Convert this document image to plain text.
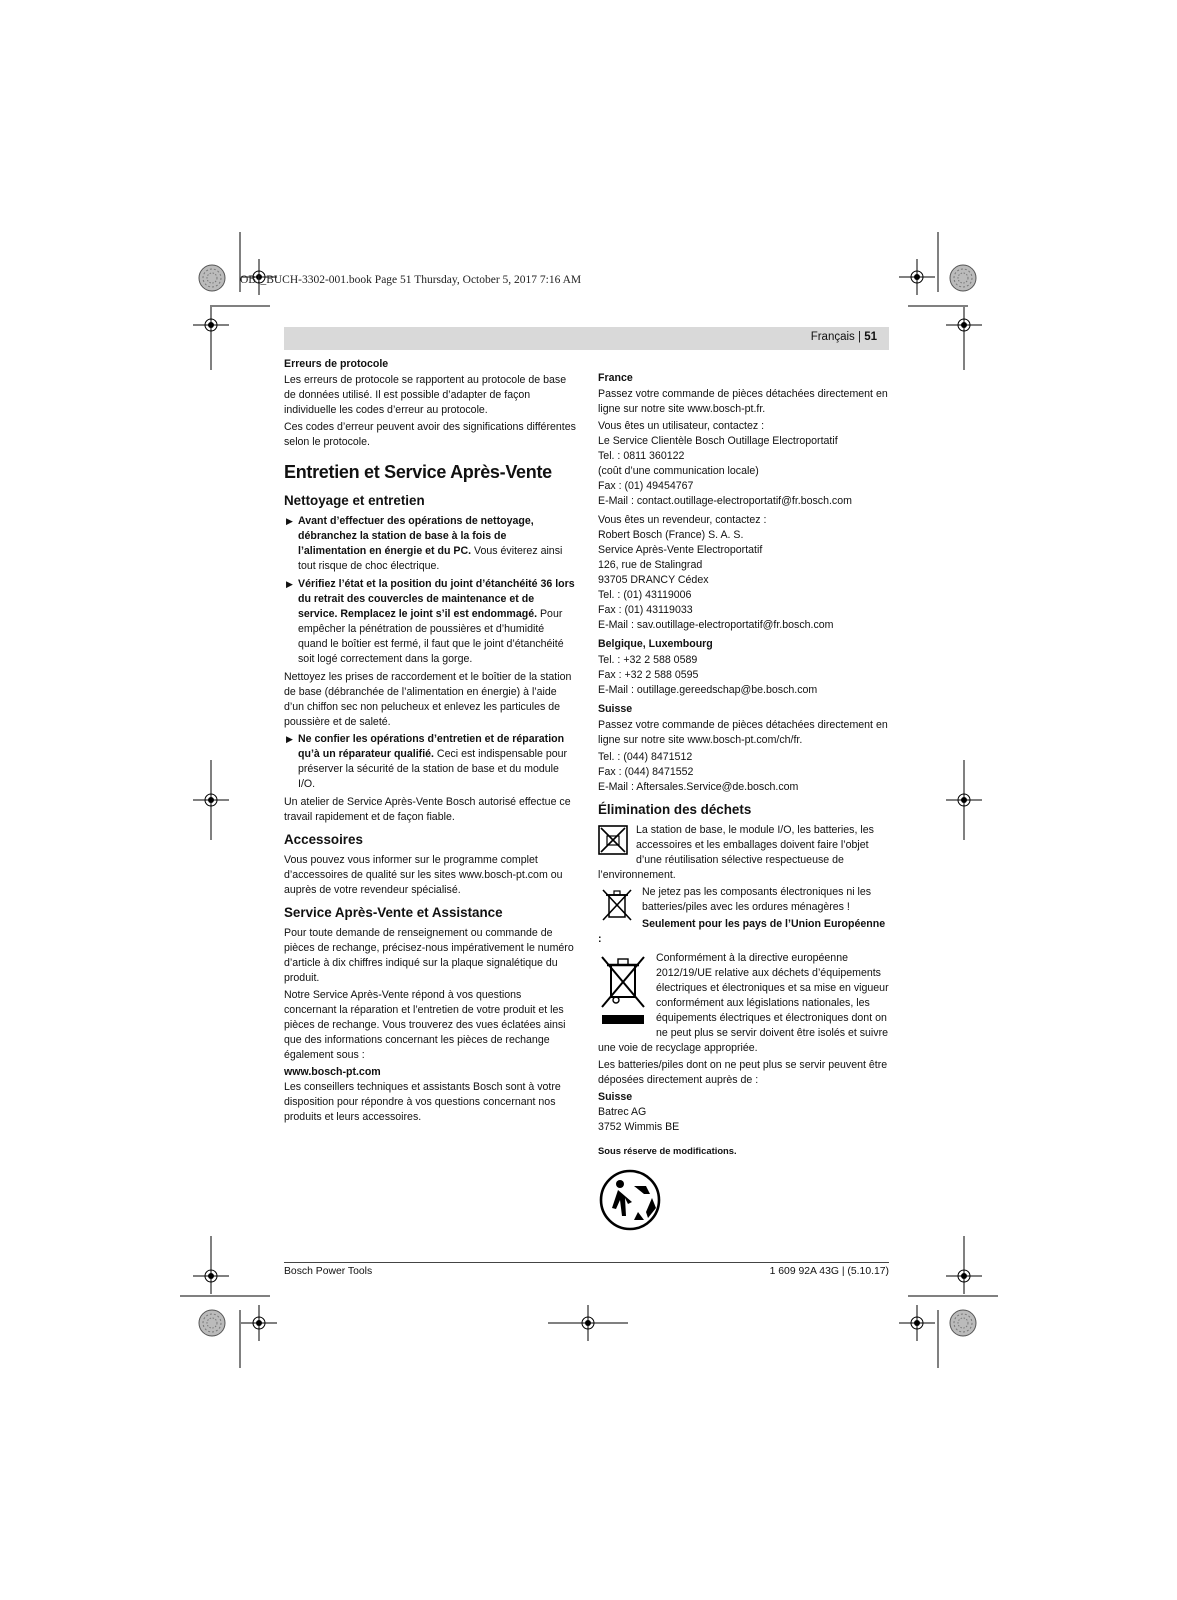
OBJ_BUCH-3302-001.book Page 51 Thursday, October 5, 2017 7:16 AM
Français | 51
Erreurs de protocole

Les erreurs de protocole se rapportent au protocole de base de données utilisé. Il est possible d’adapter de façon individuelle les codes d’erreur au protocole.

Ces codes d’erreur peuvent avoir des significations différentes selon le protocole.

Entretien et Service Après-Vente
Nettoyage et entretien
▶ Avant d’effectuer des opérations de nettoyage, débranchez la station de base à la fois de l’alimentation en énergie et du PC. Vous éviterez ainsi tout risque de choc électrique.
▶ Vérifiez l’état et la position du joint d’étanchéité 36 lors du retrait des couvercles de maintenance et de service. Remplacez le joint s’il est endommagé. Pour empêcher la pénétration de poussières et d’humidité quand le boîtier est fermé, il faut que le joint d’étanchéité soit logé correctement dans la gorge.

Nettoyez les prises de raccordement et le boîtier de la station de base (débranchée de l’alimentation en énergie) à l’aide d’un chiffon sec non pelucheux et enlevez les particules de poussière et de saleté.

▶ Ne confier les opérations d’entretien et de réparation qu’à un réparateur qualifié. Ceci est indispensable pour préserver la sécurité de la station de base et du module I/O.

Un atelier de Service Après-Vente Bosch autorisé effectue ce travail rapidement et de façon fiable.

Accessoires

Vous pouvez vous informer sur le programme complet d’accessoires de qualité sur les sites www.bosch-pt.com ou auprès de votre revendeur spécialisé.

Service Après-Vente et Assistance

Pour toute demande de renseignement ou commande de pièces de rechange, précisez-nous impérativement le numéro d’article à dix chiffres indiqué sur la plaque signalétique du produit.

Notre Service Après-Vente répond à vos questions concernant la réparation et l’entretien de votre produit et les pièces de rechange. Vous trouverez des vues éclatées ainsi que des informations concernant les pièces de rechange également sous :

www.bosch-pt.com

Les conseillers techniques et assistants Bosch sont à votre disposition pour répondre à vos questions concernant nos produits et leurs accessoires.

France

Passez votre commande de pièces détachées directement en ligne sur notre site www.bosch-pt.fr.

Vous êtes un utilisateur, contactez :
Le Service Clientèle Bosch Outillage Electroportatif
Tel. : 0811 360122
(coût d’une communication locale)
Fax : (01) 49454767
E-Mail : contact.outillage-electroportatif@fr.bosch.com
Vous êtes un revendeur, contactez :
Robert Bosch (France) S. A. S.
Service Après-Vente Electroportatif
126, rue de Stalingrad
93705 DRANCY Cédex
Tel. : (01) 43119006
Fax : (01) 43119033
E-Mail : sav.outillage-electroportatif@fr.bosch.com
Belgique, Luxembourg
Tel. : +32 2 588 0589
Fax : +32 2 588 0595
E-Mail : outillage.gereedschap@be.bosch.com
Suisse

Passez votre commande de pièces détachées directement en ligne sur notre site www.bosch-pt.com/ch/fr.

Tel. : (044) 8471512
Fax : (044) 8471552
E-Mail : Aftersales.Service@de.bosch.com
Élimination des déchets

La station de base, le module I/O, les batteries, les accessoires et les emballages doivent faire l’objet d’une réutilisation sélective respectueuse de l’environnement.

Ne jetez pas les composants électroniques ni les batteries/piles avec les ordures ménagères !

Seulement pour les pays de l’Union Européenne :

Conformément à la directive européenne 2012/19/UE relative aux déchets d’équipements électriques et électroniques et sa mise en vigueur conformément aux législations nationales, les équipements électriques et électroniques dont on ne peut plus se servir doivent être isolés et suivre une voie de recyclage appropriée.

Les batteries/piles dont on ne peut plus se servir peuvent être déposées directement auprès de :

Suisse
Batrec AG
3752 Wimmis BE
Sous réserve de modifications.
Bosch Power Tools	1 609 92A 43G | (5.10.17)
